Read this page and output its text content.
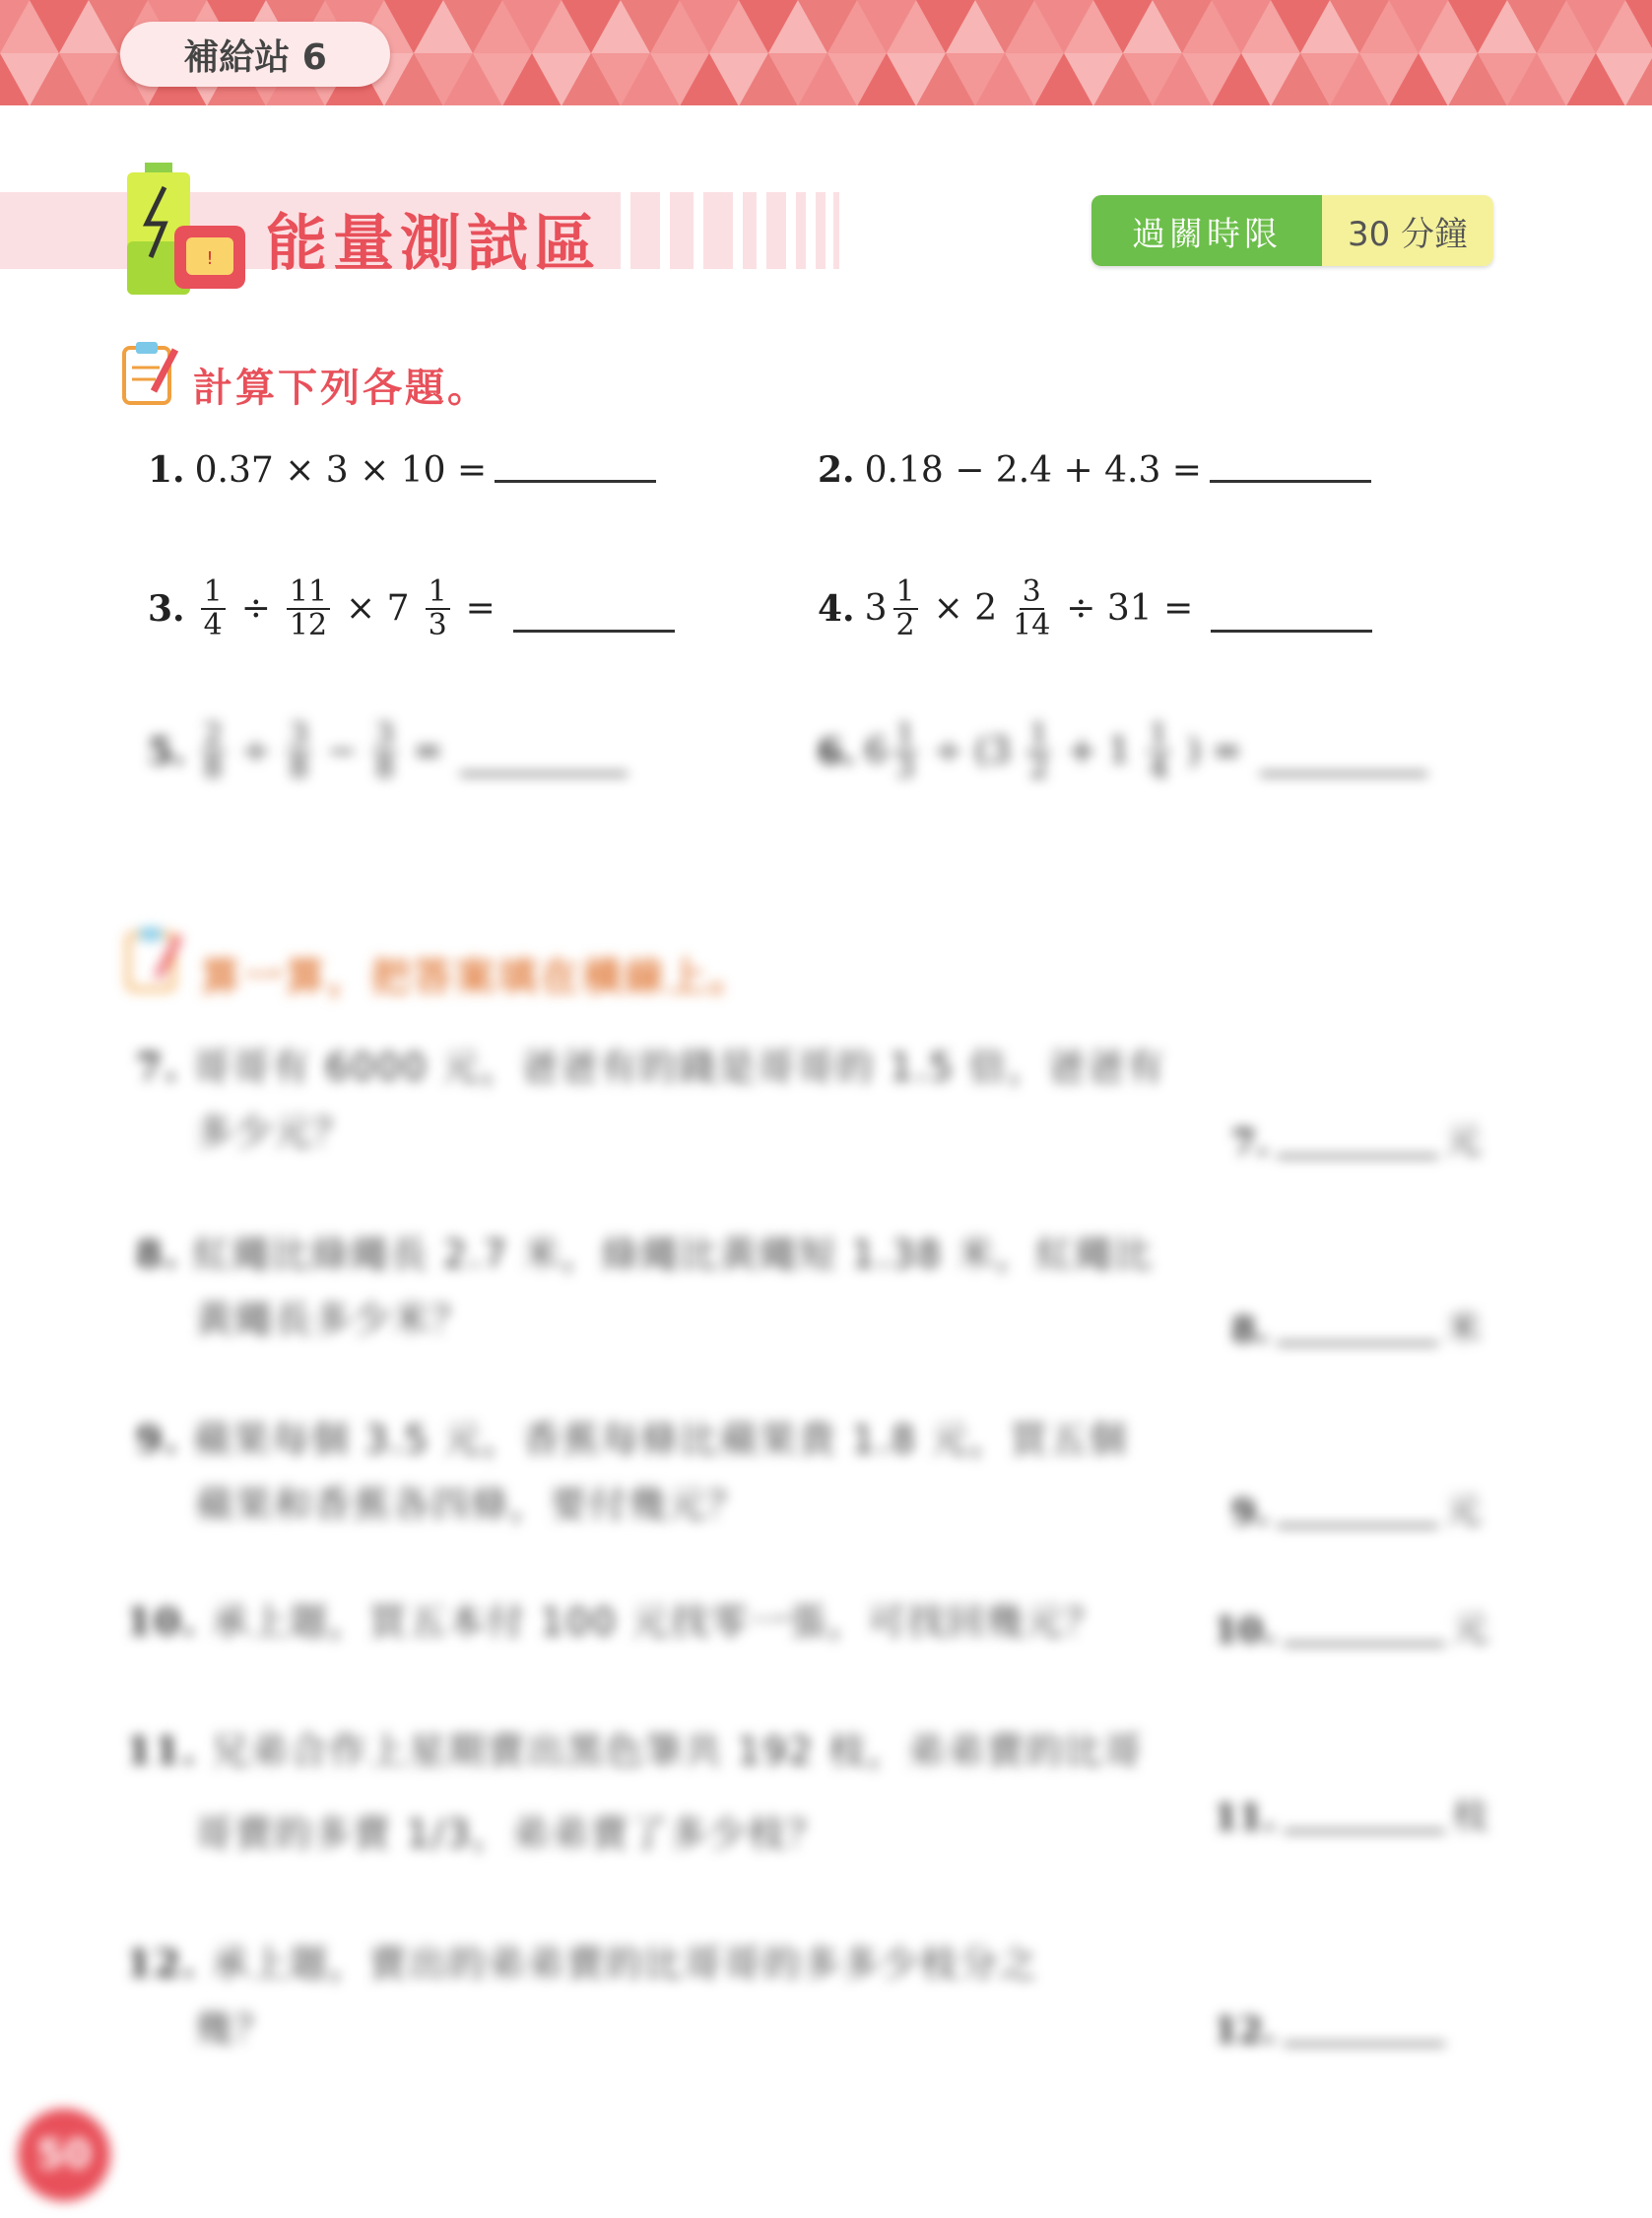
補給站 6
! 能量測試區	過關時限	30 分鐘
計算下列各題。
1. 0.37 × 3 × 10 =	2. 0.18 − 2.4 + 4.3 =
3. $\frac{1}{4} \div \frac{11}{12} \times 7 \frac{1}{3}$ =	4. $3 \frac{1}{2} \times 2 \frac{3}{14} \div 31$ =
5. $\frac{2}{8} \div \frac{3}{8} - \frac{3}{8}$ =	6. $6 \frac{1}{3} \div (3 \frac{1}{2} + 1 \frac{1}{4}$ ) =
算一算，把答案填在橫線上。
7. 哥哥有 6000 元，爸爸有的錢是哥哥的 1.5 倍，爸爸有
多少元？	7.	元
8. 紅繩比綠繩長 2.7 米，綠繩比黃繩短 1.38 米，紅繩比
黃繩長多少米？	8.	米
9. 蘋果每個 3.5 元，香蕉每條比蘋果貴 1.8 元，買五個
蘋果和香蕉各四條，要付幾元？	9.	元
10. 承上題，買五本付 100 元找零一張，可找回幾元？	10.	元
11. 兄弟合作上星期賣出黑色筆共 192 枝，弟弟賣的比哥
哥賣的多賣 1/3，弟弟賣了多少枝？	11.	枝
12. 承上題，賣出的弟弟賣的比哥哥的多多少枝分之
幾？	12.
50
